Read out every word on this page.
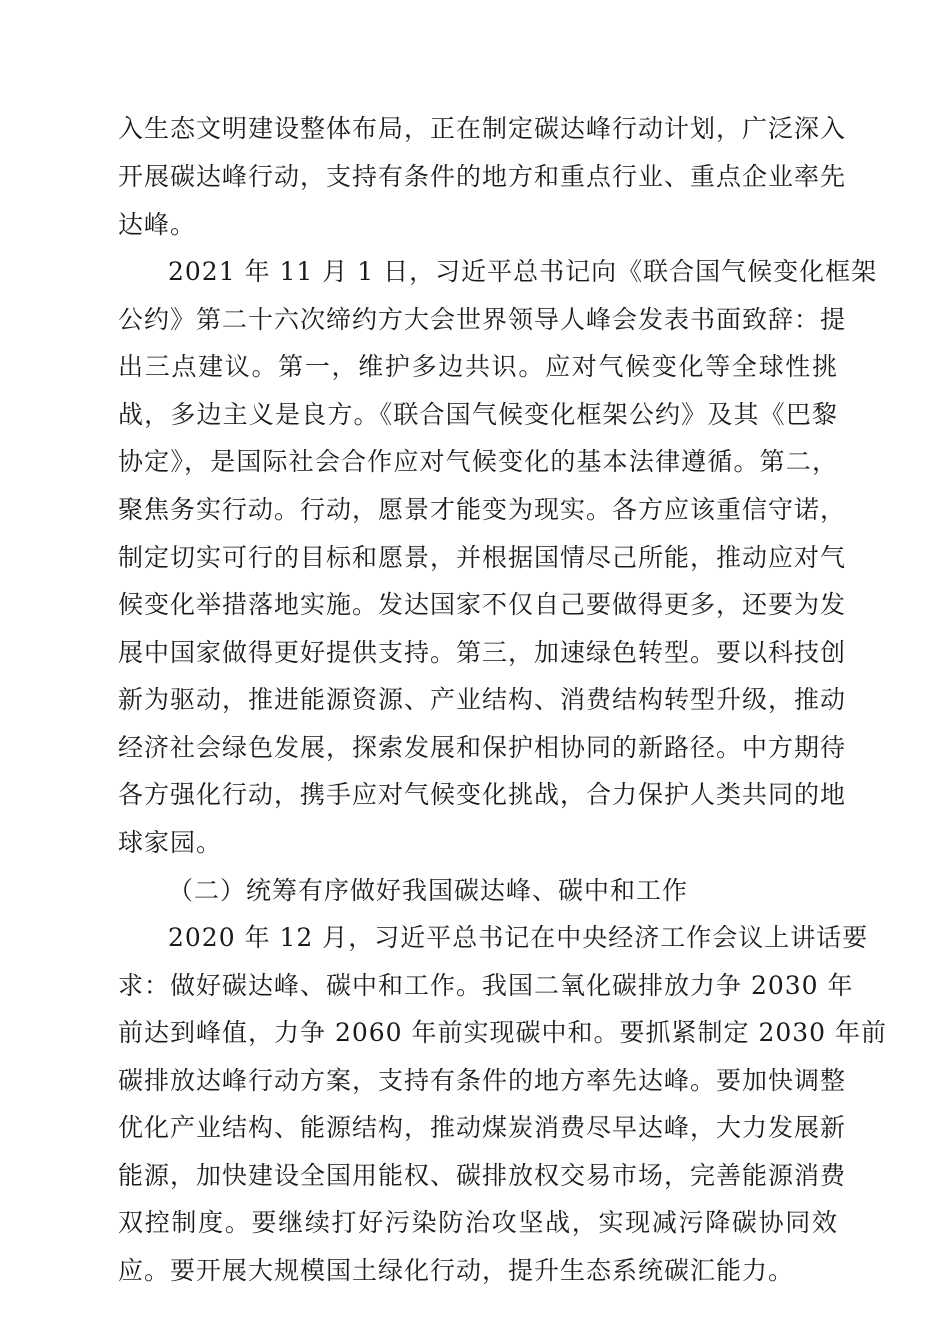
入生态文明建设整体布局，正在制定碳达峰行动计划，广泛深入
开展碳达峰行动，支持有条件的地方和重点行业、重点企业率先
达峰。
2021 年 11 月 1 日，习近平总书记向《联合国气候变化框架
公约》第二十六次缔约方大会世界领导人峰会发表书面致辞：提
出三点建议。第一，维护多边共识。应对气候变化等全球性挑
战，多边主义是良方。《联合国气候变化框架公约》及其《巴黎
协定》，是国际社会合作应对气候变化的基本法律遵循。第二，
聚焦务实行动。行动，愿景才能变为现实。各方应该重信守诺，
制定切实可行的目标和愿景，并根据国情尽己所能，推动应对气
候变化举措落地实施。发达国家不仅自己要做得更多，还要为发
展中国家做得更好提供支持。第三，加速绿色转型。要以科技创
新为驱动，推进能源资源、产业结构、消费结构转型升级，推动
经济社会绿色发展，探索发展和保护相协同的新路径。中方期待
各方强化行动，携手应对气候变化挑战，合力保护人类共同的地
球家园。
（二）统筹有序做好我国碳达峰、碳中和工作
2020 年 12 月，习近平总书记在中央经济工作会议上讲话要
求：做好碳达峰、碳中和工作。我国二氧化碳排放力争 2030 年
前达到峰值，力争 2060 年前实现碳中和。要抓紧制定 2030 年前
碳排放达峰行动方案，支持有条件的地方率先达峰。要加快调整
优化产业结构、能源结构，推动煤炭消费尽早达峰，大力发展新
能源，加快建设全国用能权、碳排放权交易市场，完善能源消费
双控制度。要继续打好污染防治攻坚战，实现减污降碳协同效
应。要开展大规模国土绿化行动，提升生态系统碳汇能力。
